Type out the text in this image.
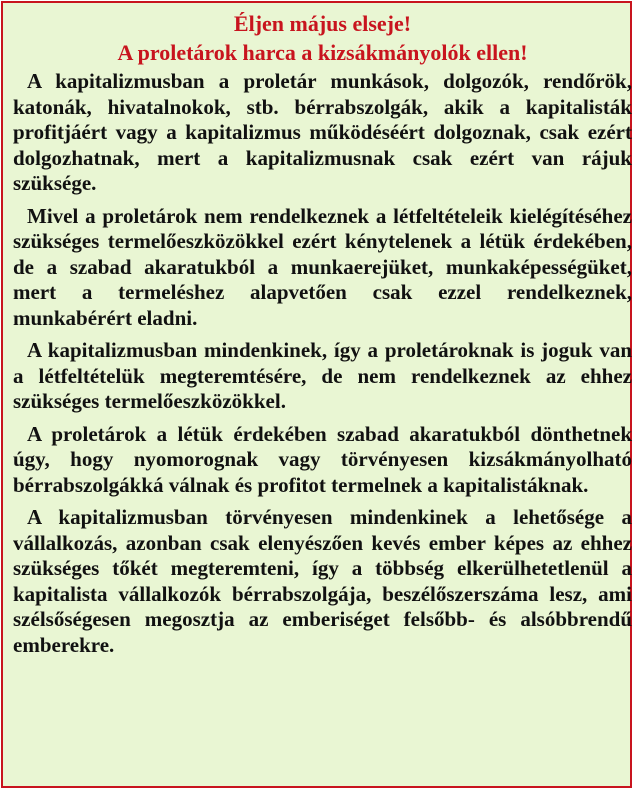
Éljen május elseje!

A proletárok harca a kizsákmányolók ellen!

A kapitalizmusban a proletár munkások, dolgozók, rendőrök, katonák, hivatalnokok, stb. bérrabszolgák, akik a kapitalisták profitjáért vagy a kapitalizmus működéséért dolgoznak, csak ezért dolgozhatnak, mert a kapitalizmusnak csak ezért van rájuk szüksége.

Mivel a proletárok nem rendelkeznek a létfeltételeik kielégítéséhez szükséges termelőeszközökkel ezért kénytelenek a létük érdekében, de a szabad akaratukból a munkaerejüket, munkaképességüket, mert a termeléshez alapvetően csak ezzel rendelkeznek, munkabérért eladni.

A kapitalizmusban mindenkinek, így a proletároknak is joguk van a létfeltételük megteremtésére, de nem rendelkeznek az ehhez szükséges termelőeszközökkel.

A proletárok a létük érdekében szabad akaratukból dönthetnek úgy, hogy nyomorognak vagy törvényesen kizsákmányolható bérrabszolgákká válnak és profitot termelnek a kapitalistáknak.

A kapitalizmusban törvényesen mindenkinek a lehetősége a vállalkozás, azonban csak elenyészően kevés ember képes az ehhez szükséges tőkét megteremteni, így a többség elkerülhetetlenül a kapitalista vállalkozók bérrabszolgája, beszélőszerszáma lesz, ami szélsőségesen megosztja az emberiséget felsőbb- és alsóbbrendű emberekre.
